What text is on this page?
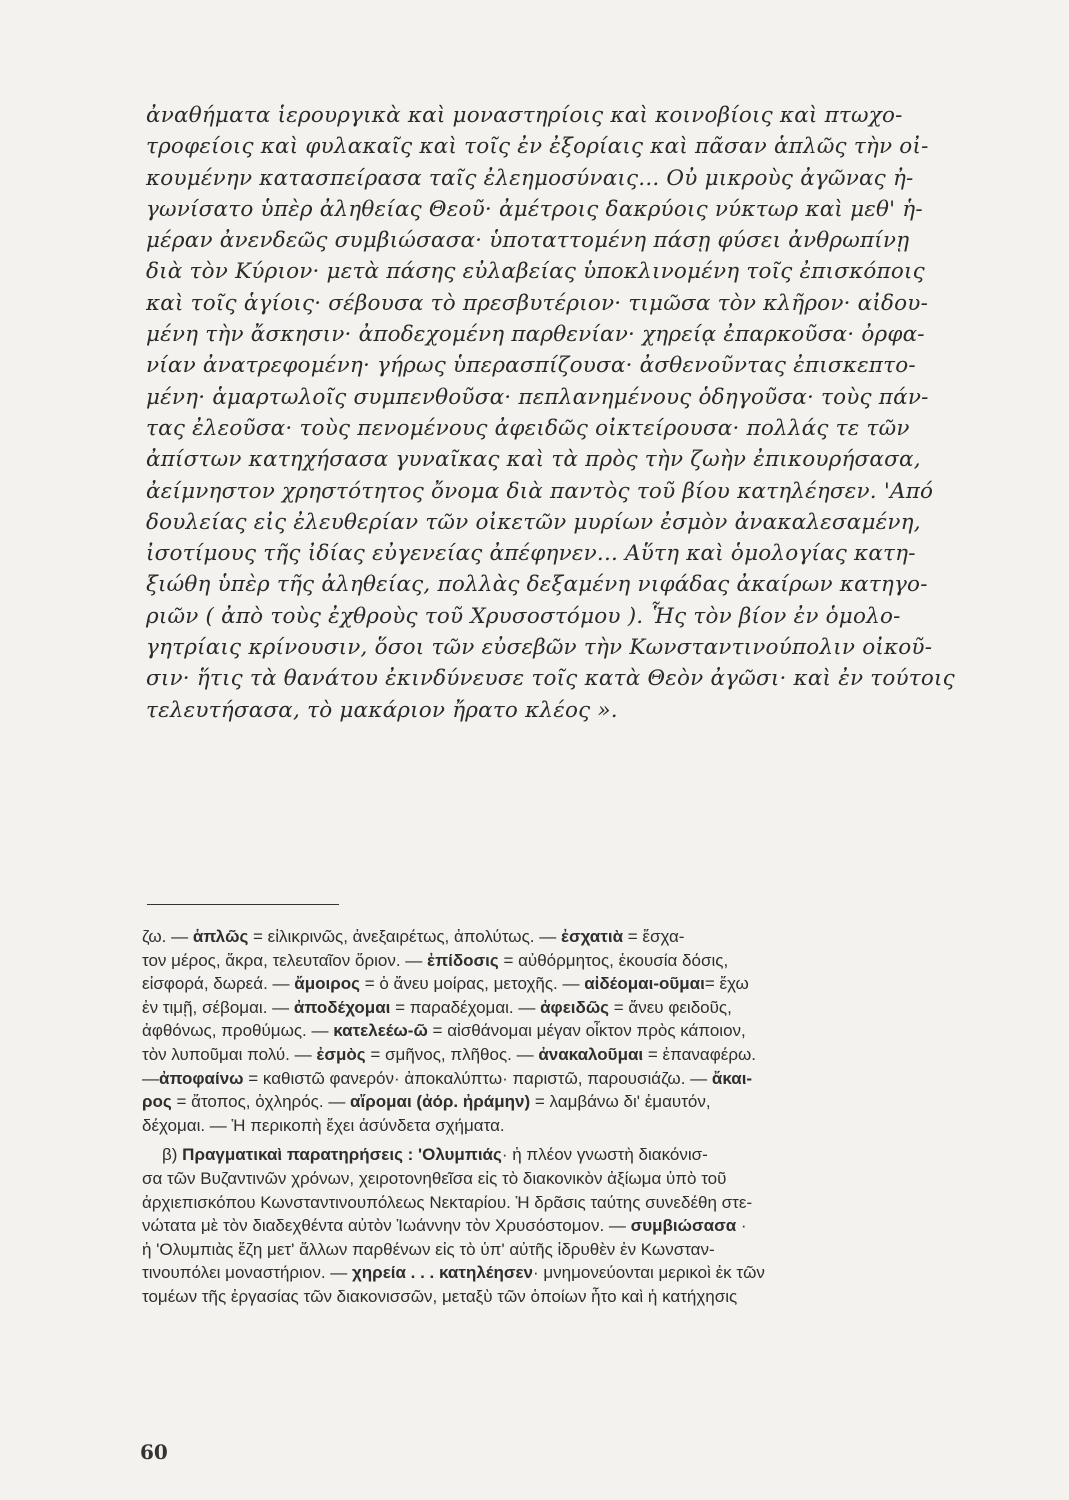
ἀναθήματα ἱερουργικὰ καὶ μοναστηρίοις καὶ κοινοβίοις καὶ πτωχο-
τροφείοις καὶ φυλακαῖς καὶ τοῖς ἐν ἐξορίαις καὶ πᾶσαν ἁπλῶς τὴν οἰ-
κουμένην κατασπείρασα ταῖς ἐλεημοσύναις... Οὐ μικροὺς ἀγῶνας ἠ-
γωνίσατο ὑπὲρ ἀληθείας Θεοῦ· ἀμέτροις δακρύοις νύκτωρ καὶ μεθ' ἡ-
μέραν ἀνενδεῶς συμβιώσασα· ὑποταττομένη πάσῃ φύσει ἀνθρωπίνῃ
διὰ τὸν Κύριον· μετὰ πάσης εὐλαβείας ὑποκλινομένη τοῖς ἐπισκόποις
καὶ τοῖς ἁγίοις· σέβουσα τὸ πρεσβυτέριον· τιμῶσα τὸν κλῆρον· αἰδου-
μένη τὴν ἄσκησιν· ἀποδεχομένη παρθενίαν· χηρείᾳ ἐπαρκοῦσα· ὀρφα-
νίαν ἀνατρεφομένη· γήρως ὑπερασπίζουσα· ἀσθενοῦντας ἐπισκεπτο-
μένη· ἁμαρτωλοῖς συμπενθοῦσα· πεπλανημένους ὁδηγοῦσα· τοὺς πάν-
τας ἐλεοῦσα· τοὺς πενομένους ἀφειδῶς οἰκτείρουσα· πολλάς τε τῶν
ἀπίστων κατηχήσασα γυναῖκας καὶ τὰ πρὸς τὴν ζωὴν ἐπικουρήσασα,
ἀείμνηστον χρηστότητος ὄνομα διὰ παντὸς τοῦ βίου κατηλέησεν. 'Από
δουλείας εἰς ἐλευθερίαν τῶν οἰκετῶν μυρίων ἐσμὸν ἀνακαλεσαμένη,
ἰσοτίμους τῆς ἰδίας εὐγενείας ἀπέφηνεν... Αὕτη καὶ ὁμολογίας κατη-
ξιώθη ὑπὲρ τῆς ἀληθείας, πολλὰς δεξαμένη νιφάδας ἀκαίρων κατηγο-
ριῶν ( ἀπὸ τοὺς ἐχθροὺς τοῦ Χρυσοστόμου ). Ἧς τὸν βίον ἐν ὁμολο-
γητρίαις κρίνουσιν, ὅσοι τῶν εὐσεβῶν τὴν Κωνσταντινούπολιν οἰκοῦ-
σιν· ἥτις τὰ θανάτου ἐκινδύνευσε τοῖς κατὰ Θεὸν ἀγῶσι· καὶ ἐν τούτοις
τελευτήσασα, τὸ μακάριον ἤρατο κλέος ».
ζω. — ἁπλῶς = εἰλικρινῶς, ἀνεξαιρέτως, ἀπολύτως. — ἐσχατιὰ = ἔσχα-
τον μέρος, ἄκρα, τελευταῖον ὅριον. — ἐπίδοσις = αὐθόρμητος, ἑκουσία δόσις,
εἰσφορά, δωρεά. — ἄμοιρος = ὁ ἄνευ μοίρας, μετοχῆς. — αἰδέομαι-οῦμαι= ἔχω
ἐν τιμῇ, σέβομαι. — ἀποδέχομαι = παραδέχομαι. — ἀφειδῶς = ἄνευ φειδοῦς,
ἀφθόνως, προθύμως. — κατελεέω-ῶ = αἰσθάνομαι μέγαν οἶκτον πρὸς κάποιον,
τὸν λυποῦμαι πολύ. — ἐσμὸς = σμῆνος, πλῆθος. — ἀνακαλοῦμαι = ἐπαναφέρω.
—ἀποφαίνω = καθιστῶ φανερόν· ἀποκαλύπτω· παριστῶ, παρουσιάζω. — ἄκαι-
ρος = ἄτοπος, ὀχληρός. — αἴρομαι (ἀόρ. ἠράμην) = λαμβάνω δι' ἐμαυτόν,
δέχομαι. — Ἡ περικοπὴ ἔχει ἀσύνδετα σχήματα.
β) Πραγματικαὶ παρατηρήσεις : 'Ολυμπιάς· ἡ πλέον γνωστὴ διακόνισ-
σα τῶν Βυζαντινῶν χρόνων, χειροτονηθεῖσα εἰς τὸ διακονικὸν ἀξίωμα ὑπὸ τοῦ
ἀρχιεπισκόπου Κωνσταντινουπόλεως Νεκταρίου. Ἡ δρᾶσις ταύτης συνεδέθη στε-
νώτατα μὲ τὸν διαδεχθέντα αὐτὸν Ἰωάννην τὸν Χρυσόστομον. — συμβιώσασα ·
ἡ 'Ολυμπιὰς ἔζη μετ' ἄλλων παρθένων εἰς τὸ ὑπ' αὐτῆς ἱδρυθὲν ἐν Κωνσταν-
τινουπόλει μοναστήριον. — χηρεία . . . κατηλέησεν· μνημονεύονται μερικοὶ ἐκ τῶν
τομέων τῆς ἐργασίας τῶν διακονισσῶν, μεταξὺ τῶν ὁποίων ἦτο καὶ ἡ κατήχησις
60
